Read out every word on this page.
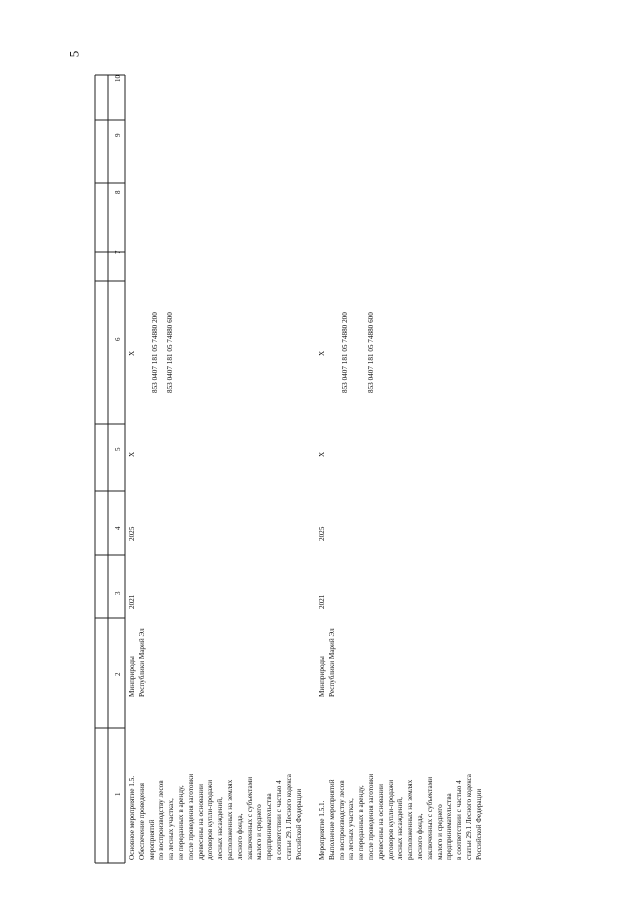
5
10
9
8
7
6
5
4
3
2
1 Основное мероприятие 1.5. Обеспечение проведения мероприятий по воспроизводству лесов на лесных участках, не переданных в аренду, после проведения заготовки древесины на основании договоров купли-продажи лесных насаждений, расположенных на землях лесного фонда, заключенных с субъектами малого и среднего предпринимательства в соответствии с частью 4 статьи 29.1 Лесного кодекса Российской Федерации
Минприроды Республики Марий Эл
2021
2025
X
X 853 0407 181 05 74880 200 853 0407 181 05 74880 600
Мероприятие 1.5.1. Выполнение мероприятий по воспроизводству лесов на лесных участках, не переданных в аренду, после проведения заготовки древесины на основании договоров купли-продажи лесных насаждений, расположенных на землях лесного фонда, заключенных с субъектами малого и среднего предпринимательства в соответствии с частью 4 статьи 29.1 Лесного кодекса Российской Федерации
Минприроды Республики Марий Эл
2021
2025
X
X 853 0407 181 05 74880 200	853 0407 181 05 74880 600
